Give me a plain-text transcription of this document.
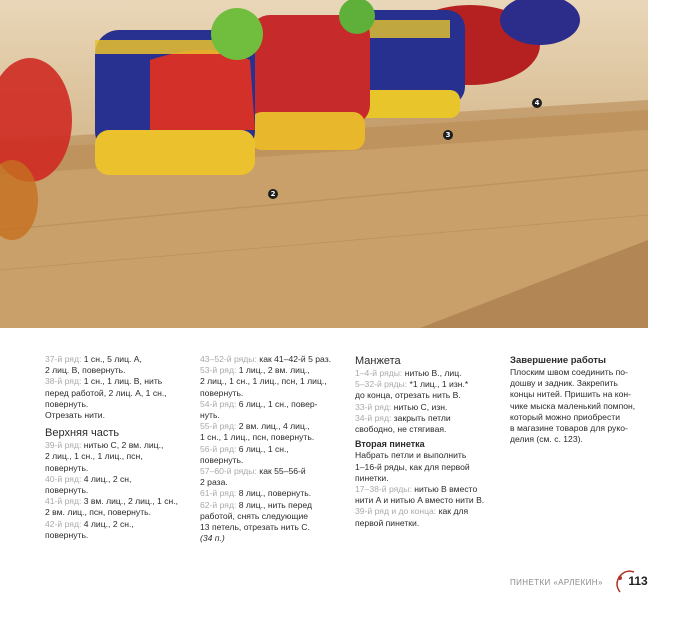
2
3
4

37-й ряд: 1 сн., 5 лиц. A,

2 лиц. B, повернуть.

38-й ряд: 1 сн., 1 лиц. B, нить

перед работой, 2 лиц. A, 1 сн.,

повернуть.

Отрезать нити.

Верхняя часть

39-й ряд: нитью C, 2 вм. лиц.,

2 лиц., 1 сн., 1 лиц., псн,

повернуть.

40-й ряд: 4 лиц., 2 сн,

повернуть.

41-й ряд: 3 вм. лиц., 2 лиц., 1 сн.,

2 вм. лиц., псн, повернуть.

42-й ряд: 4 лиц., 2 сн.,

повернуть.

43–52-й ряды: как 41–42-й 5 раз.

53-й ряд: 1 лиц., 2 вм. лиц.,

2 лиц., 1 сн., 1 лиц., псн, 1 лиц.,

повернуть.

54-й ряд: 6 лиц., 1 сн., повер-

нуть.

55-й ряд: 2 вм. лиц., 4 лиц.,

1 сн., 1 лиц., псн, повернуть.

56-й ряд: 6 лиц., 1 сн.,

повернуть.

57–60-й ряды: как 55–56-й

2 раза.

61-й ряд: 8 лиц., повернуть.

62-й ряд: 8 лиц., нить перед

работой, снять следующие

13 петель, отрезать нить C.

(34 п.)

Манжета

1–4-й ряды: нитью B., лиц.

5–32-й ряды: *1 лиц., 1 изн.*

до конца, отрезать нить B.

33-й ряд: нитью C, изн.

34-й ряд: закрыть петли

свободно, не стягивая.

Вторая пинетка

Набрать петли и выполнить

1–16-й ряды, как для первой

пинетки.

17–38-й ряды: нитью B вместо

нити A и нитью A вместо нити B.

39-й ряд и до конца: как для

первой пинетки.

Завершение работы

Плоским швом соединить по-

дошву и задник. Закрепить

концы нитей. Пришить на кон-

чике мыска маленький помпон,

который можно приобрести

в магазине товаров для руко-

делия (см. с. 123).

ПИНЕТКИ «АРЛЕКИН»	113
